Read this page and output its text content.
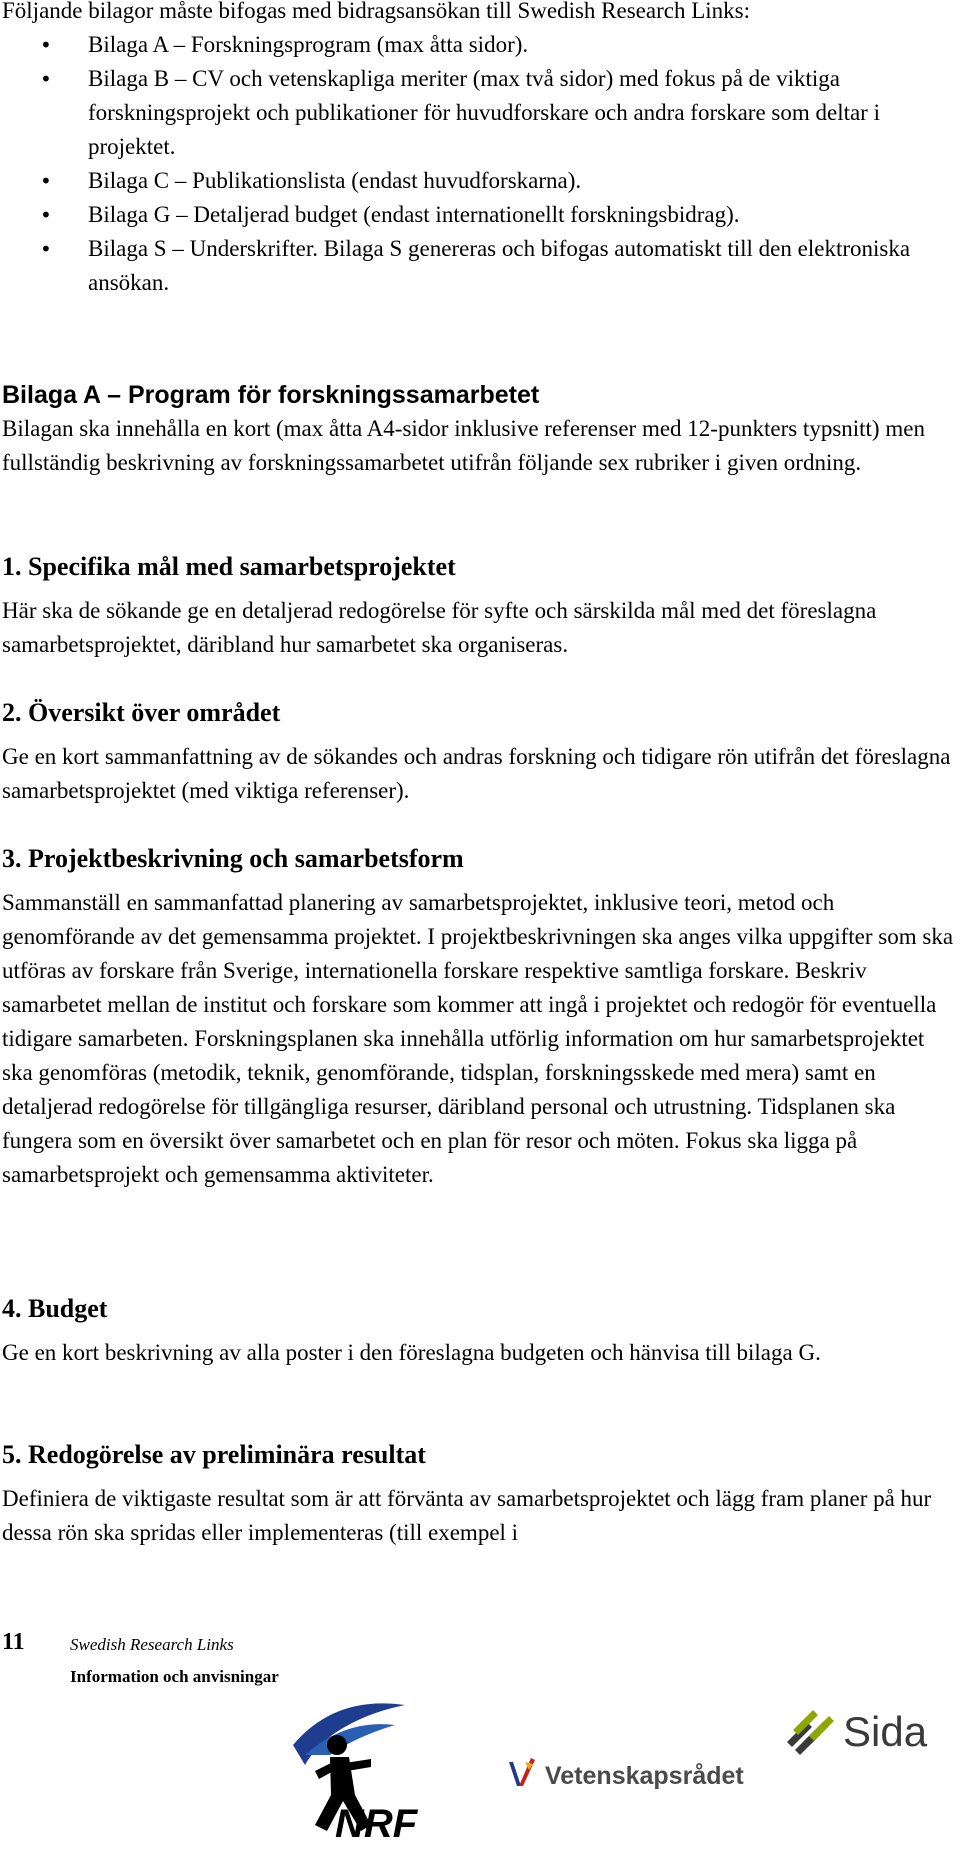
Följande bilagor måste bifogas med bidragsansökan till Swedish Research Links:

•
Bilaga A – Forskningsprogram (max åtta sidor).
•
Bilaga B – CV och vetenskapliga meriter (max två sidor) med fokus på de viktiga forskningsprojekt och publikationer för huvudforskare och andra forskare som deltar i projektet.
•
Bilaga C – Publikationslista (endast huvudforskarna).
•
Bilaga G – Detaljerad budget (endast internationellt forskningsbidrag).
•
Bilaga S – Underskrifter. Bilaga S genereras och bifogas automatiskt till den elektroniska ansökan.
Bilaga A – Program för forskningssamarbetet

Bilagan ska innehålla en kort (max åtta A4-sidor inklusive referenser med 12-punkters typsnitt) men fullständig beskrivning av forskningssamarbetet utifrån följande sex rubriker i given ordning.

1. Specifika mål med samarbetsprojektet

Här ska de sökande ge en detaljerad redogörelse för syfte och särskilda mål med det föreslagna samarbetsprojektet, däribland hur samarbetet ska organiseras.

2. Översikt över området

Ge en kort sammanfattning av de sökandes och andras forskning och tidigare rön utifrån det föreslagna samarbetsprojektet (med viktiga referenser).

3. Projektbeskrivning och samarbetsform

Sammanställ en sammanfattad planering av samarbetsprojektet, inklusive teori, metod och genomförande av det gemensamma projektet. I projektbeskrivningen ska anges vilka uppgifter som ska utföras av forskare från Sverige, internationella forskare respektive samtliga forskare. Beskriv samarbetet mellan de institut och forskare som kommer att ingå i projektet och redogör för eventuella tidigare samarbeten. Forskningsplanen ska innehålla utförlig information om hur samarbetsprojektet ska genomföras (metodik, teknik, genomförande, tidsplan, forskningsskede med mera) samt en detaljerad redogörelse för tillgängliga resurser, däribland personal och utrustning. Tidsplanen ska fungera som en översikt över samarbetet och en plan för resor och möten. Fokus ska ligga på samarbetsprojekt och gemensamma aktiviteter.

4. Budget

Ge en kort beskrivning av alla poster i den föreslagna budgeten och hänvisa till bilaga G.

5. Redogörelse av preliminära resultat

Definiera de viktigaste resultat som är att förvänta av samarbetsprojektet och lägg fram planer på hur dessa rön ska spridas eller implementeras (till exempel i

11	Swedish Research Links
Information och anvisningar
Sida
Vetenskapsrådet
NRF
